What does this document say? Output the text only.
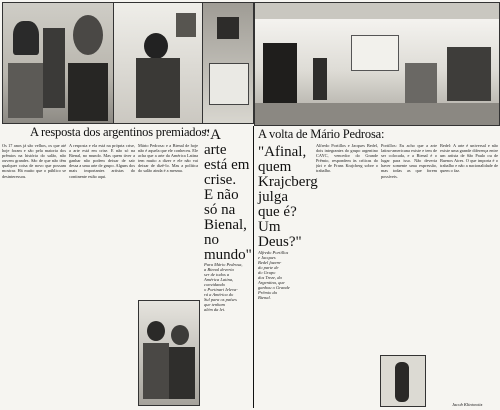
A resposta dos argentinos premiados:
Os 17 anos já são velhos, os que até hoje foram e são pela maioria dos prêmios na história do salão, não ouvem grandes. São de que não têm qualquer coisa de novo que possam mostrar. Há muito que o público se desinteressou.
A resposta e ela está na própria crise, a arte está em crise. E não só na Bienal, no mundo. Mas quem tiver a ganhar não podem deixar de sair dessa a uma arte de grupo. Alguns dos mais importantes artistas do continente estão aqui.
Mário Pedrosa: e a Bienal de hoje não é aquela que ele conheceu. Ele acha que a arte da América Latina tem muito a dizer e ele não vai deixar de dizê-lo. Mas a política do salão ainda é a mesma.
"A
arte
está em
crise.
E não
só na
Bienal,
no
mundo"
Para Mário Pedrosa,
a Bienal deveria
ser de todos a
América Latina,
convidando
o Portinari Ieleva-
rá a América do
Sul para os países
que tenham
além da lei.
A volta de Mário Pedrosa:
"Afinal,
quem
Krajcberg
julga
que é?
Um
Deus?"
Alfredo Portillos
e Jacques
Bedel fazem-
do parte de
do Grupo
dos Treze, da
Argentina, que
ganhou o Grande
Prêmio da
Bienal.
Alfredo Portillos e Jacques Bedel, dois integrantes do grupo argentino CAYC, vencedor do Grande Prêmio, respondem às críticas do júri e de Frans Krajcberg sobre o trabalho.
Portillos: Eu acho que a arte latino-americana existe e tem de ser colocada, e a Bienal é o lugar para isso. Não deveria haver somente uma expressão, mas todas as que forem possíveis.
Bedel: A arte é universal e não existe uma grande diferença entre um artista de São Paulo ou de Buenos Aires. O que importa é o trabalho e não a nacionalidade de quem o faz.
Jacob Klintowitz
